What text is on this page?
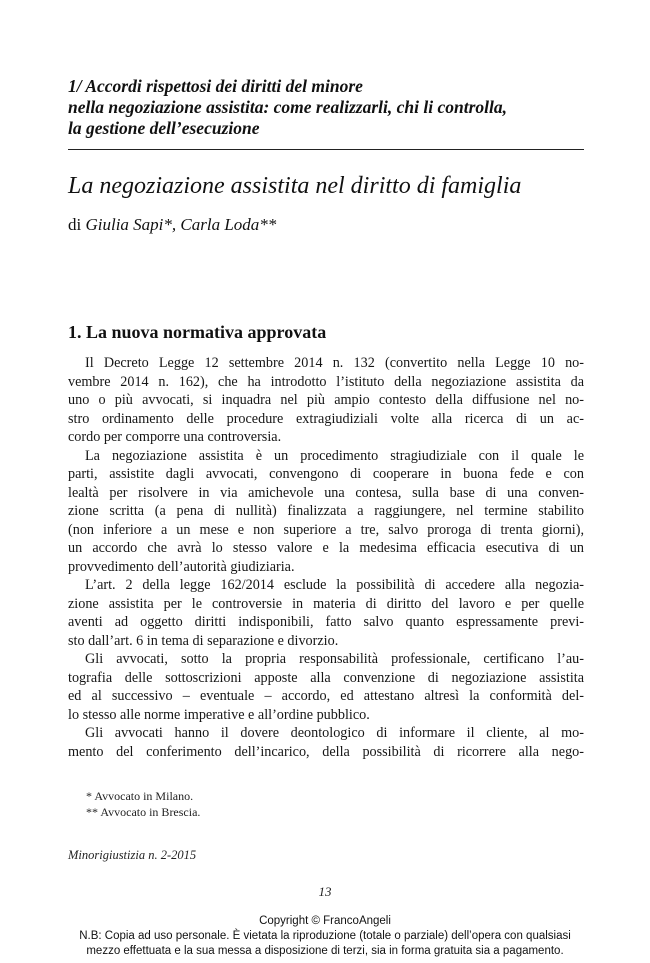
1/ Accordi rispettosi dei diritti del minore
nella negoziazione assistita: come realizzarli, chi li controlla,
la gestione dell’esecuzione
La negoziazione assistita nel diritto di famiglia
di Giulia Sapi*, Carla Loda**
1. La nuova normativa approvata
Il Decreto Legge 12 settembre 2014 n. 132 (convertito nella Legge 10 no-
vembre 2014 n. 162), che ha introdotto l’istituto della negoziazione assistita da
uno o più avvocati, si inquadra nel più ampio contesto della diffusione nel no-
stro ordinamento delle procedure extragiudiziali volte alla ricerca di un ac-
cordo per comporre una controversia.
La negoziazione assistita è un procedimento stragiudiziale con il quale le
parti, assistite dagli avvocati, convengono di cooperare in buona fede e con
lealtà per risolvere in via amichevole una contesa, sulla base di una conven-
zione scritta (a pena di nullità) finalizzata a raggiungere, nel termine stabilito
(non inferiore a un mese e non superiore a tre, salvo proroga di trenta giorni),
un accordo che avrà lo stesso valore e la medesima efficacia esecutiva di un
provvedimento dell’autorità giudiziaria.
L’art. 2 della legge 162/2014 esclude la possibilità di accedere alla negozia-
zione assistita per le controversie in materia di diritto del lavoro e per quelle
aventi ad oggetto diritti indisponibili, fatto salvo quanto espressamente previ-
sto dall’art. 6 in tema di separazione e divorzio.
Gli avvocati, sotto la propria responsabilità professionale, certificano l’au-
tografia delle sottoscrizioni apposte alla convenzione di negoziazione assistita
ed al successivo – eventuale – accordo, ed attestano altresì la conformità del-
lo stesso alle norme imperative e all’ordine pubblico.
Gli avvocati hanno il dovere deontologico di informare il cliente, al mo-
mento del conferimento dell’incarico, della possibilità di ricorrere alla nego-
* Avvocato in Milano.
** Avvocato in Brescia.
Minorigiustizia n. 2-2015
13
Copyright © FrancoAngeli
N.B: Copia ad uso personale. È vietata la riproduzione (totale o parziale) dell’opera con qualsiasi
mezzo effettuata e la sua messa a disposizione di terzi, sia in forma gratuita sia a pagamento.
